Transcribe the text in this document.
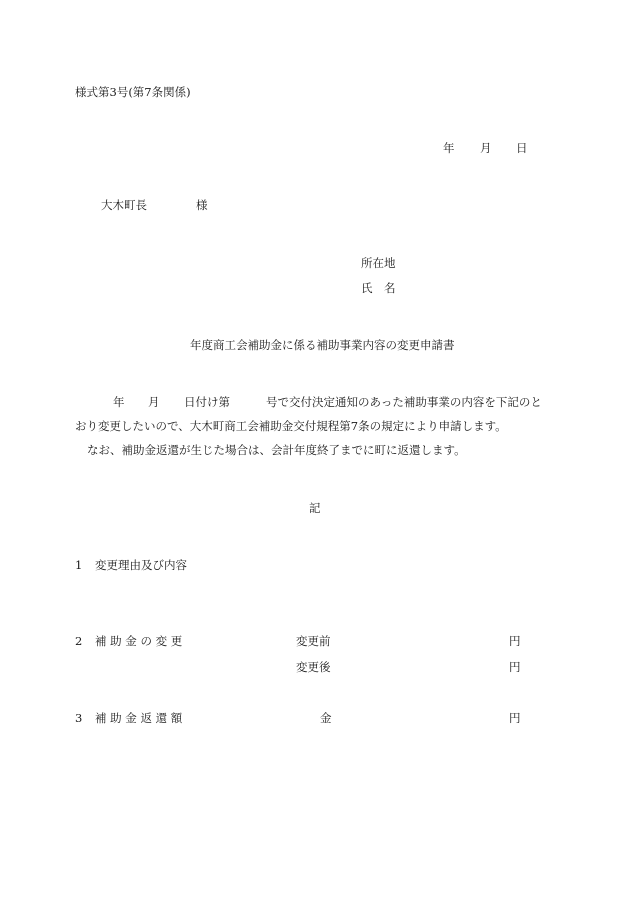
様式第3号(第7条関係)
年 月 日
大木町長	様
所在地
氏　名
年度商工会補助金に係る補助事業内容の変更申請書
年 月 日付け第	号で交付決定通知のあった補助事業の内容を下記のと
おり変更したいので、大木町商工会補助金交付規程第7条の規定により申請します。
なお、補助金返還が生じた場合は、会計年度終了までに町に返還します。
記
1 変更理由及び内容
2 補 助 金 の 変 更	変更前	円
変更後	円
3 補 助 金 返 還 額	金	円
